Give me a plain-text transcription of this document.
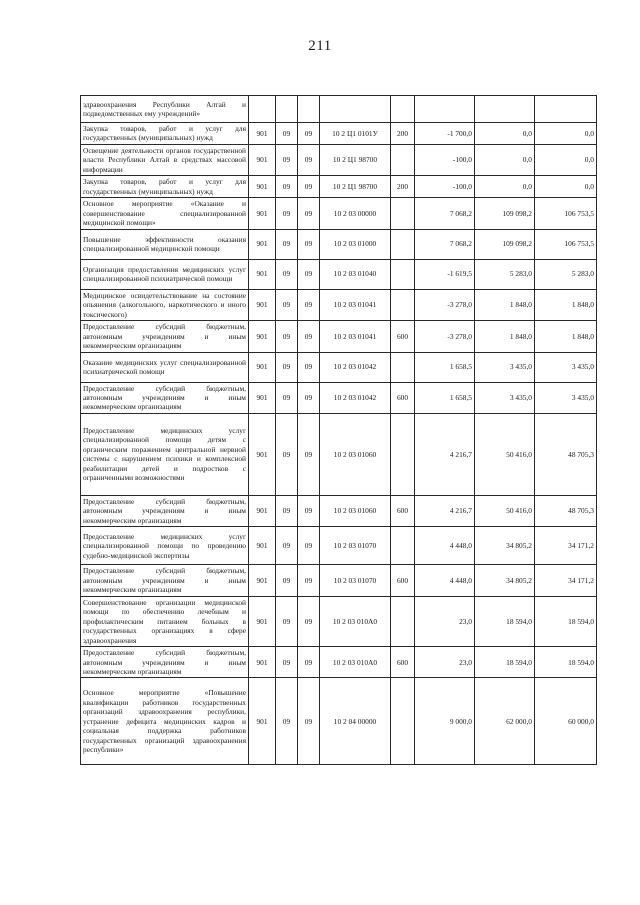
211
здравоохранения Республики Алтай и подведомственных ему учреждений»								
Закупка товаров, работ и услуг для государственных (муниципальных) нужд	901	09	09	10 2 Ц1 0101У	200	-1 700,0	0,0	0,0
Освещение деятельности органов государственной власти Республики Алтай в средствах массовой информации	901	09	09	10 2 Ц1 98700		-100,0	0,0	0,0
Закупка товаров, работ и услуг для государственных (муниципальных) нужд	901	09	09	10 2 Ц1 98700	200	-100,0	0,0	0,0
Основное мероприятие «Оказание и совершенствование специализированной медицинской помощи»	901	09	09	10 2 03 00000		7 068,2	109 098,2	106 753,5
Повышение эффективности оказания специализированной медицинской помощи	901	09	09	10 2 03 01000		7 068,2	109 098,2	106 753,5
Организация предоставления медицинских услуг специализированной психиатрической помощи	901	09	09	10 2 03 01040		-1 619,5	5 283,0	5 283,0
Медицинское освидетельствование на состояние опьянения (алкогольного, наркотического и иного токсического)	901	09	09	10 2 03 01041		-3 278,0	1 848,0	1 848,0
Предоставление субсидий бюджетным, автономным учреждениям и иным некоммерческим организациям	901	09	09	10 2 03 01041	600	-3 278,0	1 848,0	1 848,0
Оказание медицинских услуг специализированной психиатрической помощи	901	09	09	10 2 03 01042		1 658,5	3 435,0	3 435,0
Предоставление субсидий бюджетным, автономным учреждениям и иным некоммерческим организациям	901	09	09	10 2 03 01042	600	1 658,5	3 435,0	3 435,0
Предоставление медицинских услуг специализированной помощи детям с органическим поражением центральной нервной системы с нарушением психики и комплексной реабилитации детей и подростков с ограниченными возможностями	901	09	09	10 2 03 01060		4 216,7	50 416,0	48 705,3
Предоставление субсидий бюджетным, автономным учреждениям и иным некоммерческим организациям	901	09	09	10 2 03 01060	600	4 216,7	50 416,0	48 705,3
Предоставление медицинских услуг специализированной помощи по проведению судебно-медицинской экспертизы	901	09	09	10 2 03 01070		4 448,0	34 805,2	34 171,2
Предоставление субсидий бюджетным, автономным учреждениям и иным некоммерческим организациям	901	09	09	10 2 03 01070	600	4 448,0	34 805,2	34 171,2
Совершенствование организации медицинской помощи по обеспечению лечебным и профилактическим питанием больных в государственных организациях в сфере здравоохранения	901	09	09	10 2 03 010А0		23,0	18 594,0	18 594,0
Предоставление субсидий бюджетным, автономным учреждениям и иным некоммерческим организациям	901	09	09	10 2 03 010А0	600	23,0	18 594,0	18 594,0
Основное мероприятие «Повышение квалификации работников государственных организаций здравоохранения республики, устранение дефицита медицинских кадров и социальная поддержка работников государственных организаций здравоохранения республики»	901	09	09	10 2 04 00000		9 000,0	62 000,0	60 000,0
